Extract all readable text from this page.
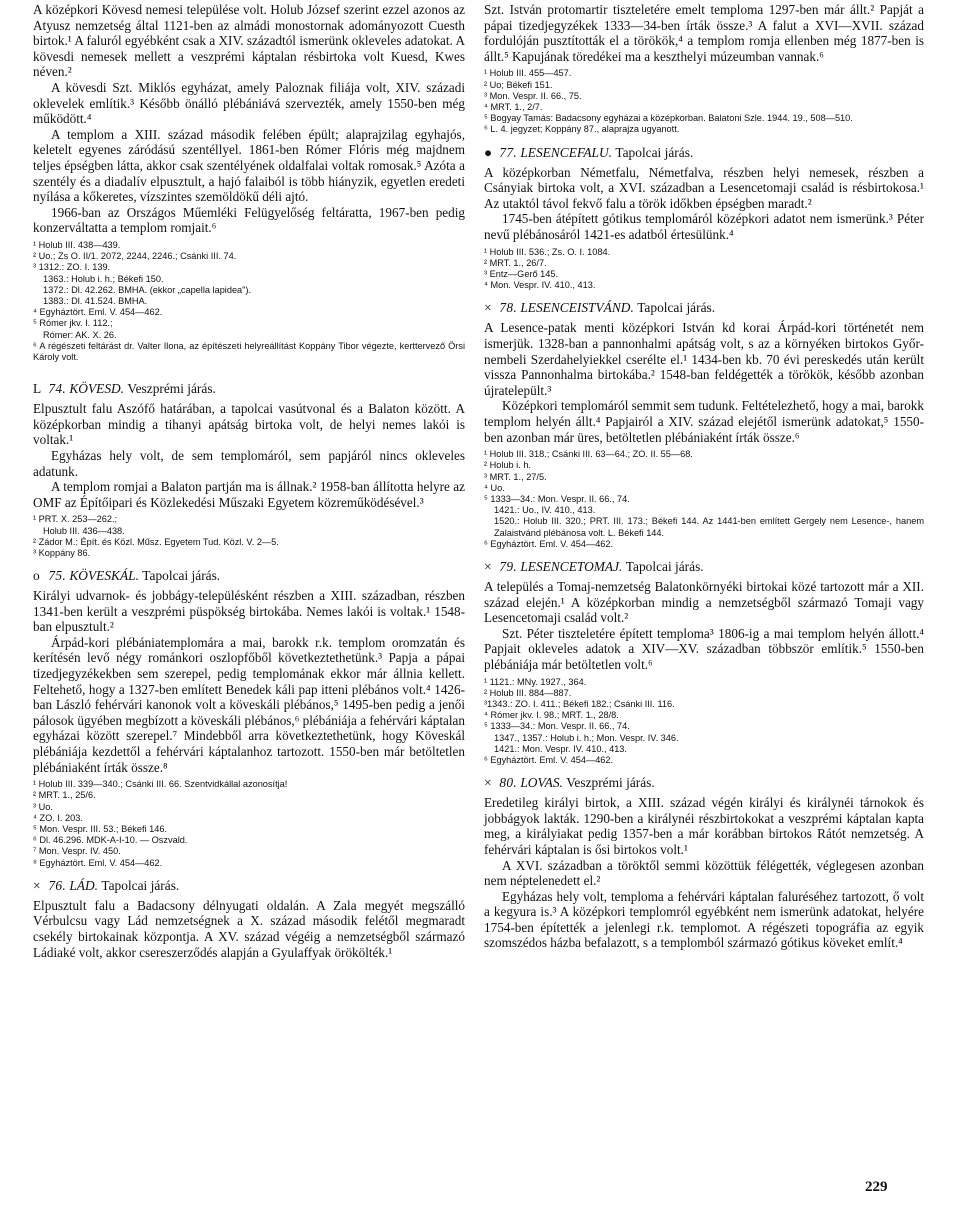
A középkori Kövesd nemesi települése volt. Holub József szerint ezzel azonos az Atyusz nemzetség által 1121-ben az almádi monostornak adományozott Cuesth birtok.¹ A faluról egyébként csak a XIV. századtól ismerünk okleveles adatokat. A kövesdi nemesek mellett a veszprémi káptalan résbirtoka volt Kuesd, Kwes néven.²

A kövesdi Szt. Miklós egyházat, amely Paloznak filiája volt, XIV. századi oklevelek említik.³ Később önálló plébániává szervezték, amely 1550-ben még működött.⁴

A templom a XIII. század második felében épült; alaprajzilag egyhajós, keletelt egyenes záródású szentéllyel. 1861-ben Rómer Flóris még majdnem teljes épségben látta, akkor csak szentélyének oldalfalai voltak romosak.⁵ Azóta a szentély és a diadalív elpusztult, a hajó falaiból is több hiányzik, egyetlen eredeti nyílása a kőkeretes, vízszintes szemöldökű déli ajtó.

1966-ban az Országos Műemléki Felügyelőség feltáratta, 1967-ben pedig konzerváltatta a templom romjait.⁶

¹ Holub III. 438—439.

² Uo.; Zs O. II/1. 2072, 2244, 2246.; Csánki III. 74.

³ 1312.: ZO. I. 139.

1363.: Holub i. h.; Békefi 150.

1372.: Dl. 42.262. BMHA. (ekkor „capella lapidea").

1383.: Dl. 41.524. BMHA.

⁴ Egyháztört. Eml. V. 454—462.

⁵ Rómer jkv. I. 112.;

Rómer: AK. X. 26.

⁶ A régészeti feltárást dr. Valter Ilona, az építészeti helyreállítást Koppány Tibor végezte, kerttervező Örsi Károly volt.

L 74. KÖVESD. Veszprémi járás.

Elpusztult falu Aszófő határában, a tapolcai vasútvonal és a Balaton között. A középkorban mindig a tihanyi apátság birtoka volt, de helyi nemes lakói is voltak.¹

Egyházas hely volt, de sem templomáról, sem papjáról nincs okleveles adatunk.

A templom romjai a Balaton partján ma is állnak.² 1958-ban állította helyre az OMF az Építőipari és Közlekedési Műszaki Egyetem közreműködésével.³

¹ PRT. X. 253—262.;

Holub III. 436—438.

² Zádor M.: Épít. és Közl. Műsz. Egyetem Tud. Közl. V. 2—5.

³ Koppány 86.

o 75. KÖVESKÁL. Tapolcai járás.

Királyi udvarnok- és jobbágy-településként részben a XIII. században, részben 1341-ben került a veszprémi püspökség birtokába. Nemes lakói is voltak.¹ 1548-ban elpusztult.²

Árpád-kori plébániatemplomára a mai, barokk r.k. templom oromzatán és kerítésén levő négy románkori oszlopfőből következtethetünk.³ Papja a pápai tizedjegyzékekben sem szerepel, pedig templomának ekkor már állnia kellett. Feltehető, hogy a 1327-ben említett Benedek káli pap itteni plébános volt.⁴ 1426-ban László fehérvári kanonok volt a köveskáli plébános,⁵ 1495-ben pedig a jenői pálosok ügyében megbízott a köveskáli plébános,⁶ plébániája a fehérvári káptalan egyházai között szerepel.⁷ Mindebből arra következtethetünk, hogy Köveskál plébániája kezdettől a fehérvári káptalanhoz tartozott. 1550-ben már betöltetlen plébániaként írták össze.⁸

¹ Holub III. 339—340.; Csánki III. 66. Szentvidkállal azonosítja!

² MRT. 1., 25/6.

³ Uo.

⁴ ZO. I. 203.

⁵ Mon. Vespr. III. 53.; Békefi 146.

⁶ Dl. 46.296. MDK-A-I-10. — Oszvald.

⁷ Mon. Vespr. IV. 450.

⁸ Egyháztört. Eml. V. 454—462.

× 76. LÁD. Tapolcai járás.

Elpusztult falu a Badacsony délnyugati oldalán. A Zala megyét megszálló Vérbulcsu vagy Lád nemzetségnek a X. század második felétől megmaradt csekély birtokainak központja. A XV. század végéig a nemzetségből származó Ládiaké volt, akkor csereszerződés alapján a Gyulaffyak örökölték.¹

Szt. István protomartir tiszteletére emelt temploma 1297-ben már állt.² Papját a pápai tizedjegyzékek 1333—34-ben írták össze.³ A falut a XVI—XVII. század fordulóján pusztították el a törökök,⁴ a templom romja ellenben még 1877-ben is állt.⁵ Kapujának töredékei ma a keszthelyi múzeumban vannak.⁶

¹ Holub III. 455—457.

² Uo; Békefi 151.

³ Mon. Vespr. II. 66., 75.

⁴ MRT. 1., 2/7.

⁵ Bogyay Tamás: Badacsony egyházai a középkorban. Balatoni Szle. 1944. 19., 508—510.

⁶ L. 4. jegyzet; Koppány 87., alaprajza ugyanott.

● 77. LESENCEFALU. Tapolcai járás.

A középkorban Németfalu, Németfalva, részben helyi nemesek, részben a Csányiak birtoka volt, a XVI. században a Lesencetomaji család is résbirtokosa.¹ Az utaktól távol fekvő falu a török időkben épségben maradt.²

1745-ben átépített gótikus templomáról középkori adatot nem ismerünk.³ Péter nevű plébánosáról 1421-es adatból értesülünk.⁴

¹ Holub III. 536.; Zs. O. I. 1084.

² MRT. 1., 26/7.

³ Entz—Gerő 145.

⁴ Mon. Vespr. IV. 410., 413.

× 78. LESENCEISTVÁND. Tapolcai járás.

A Lesence-patak menti középkori István kd korai Árpád-kori történetét nem ismerjük. 1328-ban a pannonhalmi apátság volt, s az a környéken birtokos Győr-nembeli Szerdahelyiekkel cserélte el.¹ 1434-ben kb. 70 évi pereskedés után került vissza Pannonhalma birtokába.² 1548-ban feldégették a törökök, később azonban újratelepült.³

Középkori templomáról semmit sem tudunk. Feltételezhető, hogy a mai, barokk templom helyén állt.⁴ Papjairól a XIV. század elejétől ismerünk adatokat,⁵ 1550-ben azonban már üres, betöltetlen plébániaként írták össze.⁶

¹ Holub III. 318.; Csánki III. 63—64.; ZO. II. 55—68.

² Holub i. h.

³ MRT. 1., 27/5.

⁴ Uo.

⁵ 1333—34.: Mon. Vespr. II. 66., 74.

1421.: Uo., IV. 410., 413.

1520.: Holub III. 320.; PRT. III. 173.; Békefi 144. Az 1441-ben említett Gergely nem Lesence-, hanem Zalaistvánd plébánosa volt. L. Békefi 144.

⁶ Egyháztört. Eml. V. 454—462.

× 79. LESENCETOMAJ. Tapolcai járás.

A település a Tomaj-nemzetség Balatonkörnyéki birtokai közé tartozott már a XII. század elején.¹ A középkorban mindig a nemzetségből származó Tomaji vagy Lesencetomaji család volt.²

Szt. Péter tiszteletére épített temploma³ 1806-ig a mai templom helyén állott.⁴ Papjait okleveles adatok a XIV—XV. században többször említik.⁵ 1550-ben plébániája már betöltetlen volt.⁶

¹ 1121.: MNy. 1927., 364.

² Holub III. 884—887.

³1343.: ZO. I. 411.; Békefi 182.; Csánki III. 116.

⁴ Rómer jkv. I. 98.; MRT. 1., 28/8.

⁵ 1333—34.: Mon. Vespr. II. 66., 74.

1347., 1357.: Holub i. h.; Mon. Vespr. IV. 346.

1421.: Mon. Vespr. IV. 410., 413.

⁶ Egyháztört. Eml. V. 454—462.

× 80. LOVAS. Veszprémi járás.

Eredetileg királyi birtok, a XIII. század végén királyi és királynéi tárnokok és jobbágyok lakták. 1290-ben a királynéi részbirtokokat a veszprémi káptalan kapta meg, a királyiakat pedig 1357-ben a már korábban birtokos Rátót nemzetség. A fehérvári káptalan is ősi birtokos volt.¹

A XVI. században a töröktől semmi közöttük félégették, véglegesen azonban nem néptelenedett el.²

Egyházas hely volt, temploma a fehérvári káptalan faluréséhez tartozott, ő volt a kegyura is.³ A középkori templomról egyébként nem ismerünk adatokat, helyére 1754-ben építették a jelenlegi r.k. templomot. A régészeti topográfia az egyik szomszédos házba befalazott, s a templomból származó gótikus köveket említ.⁴

229
